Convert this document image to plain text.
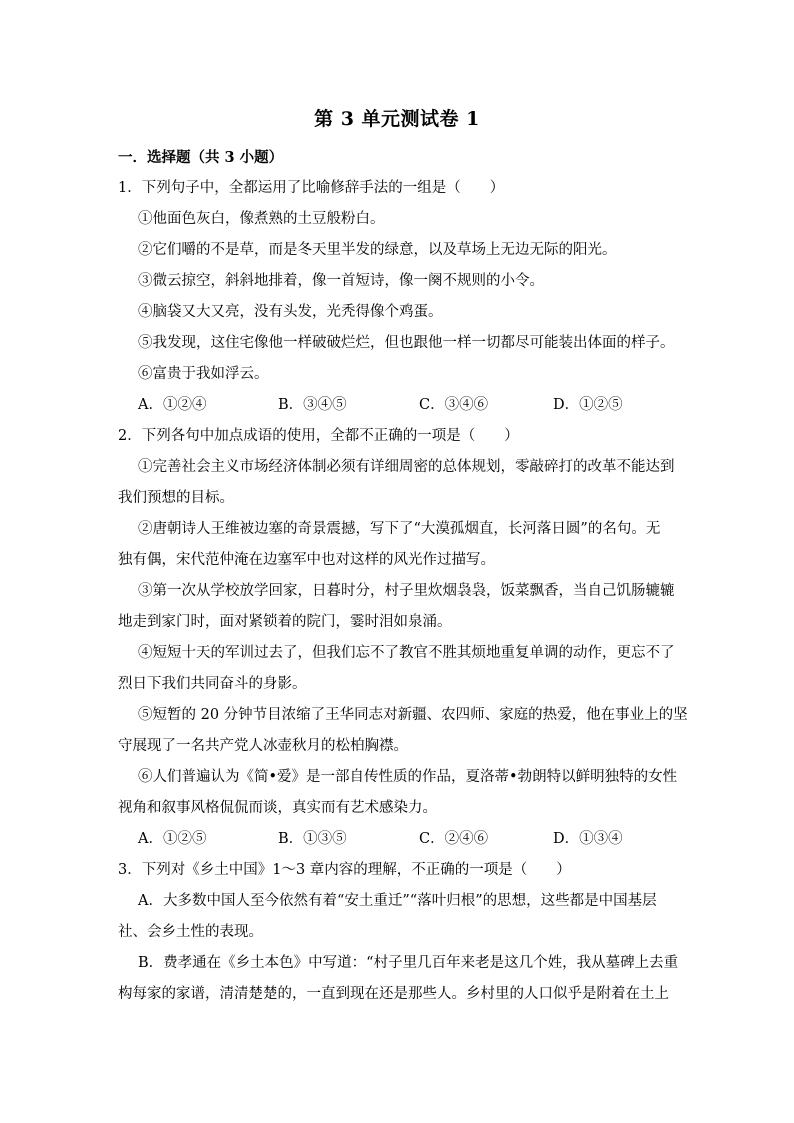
第 3 单元测试卷 1
一．选择题（共 3 小题）
1．下列句子中，全都运用了比喻修辞手法的一组是（　　）
①他面色灰白，像煮熟的土豆般粉白。
②它们嚼的不是草，而是冬天里半发的绿意，以及草场上无边无际的阳光。
③微云掠空，斜斜地排着，像一首短诗，像一阕不规则的小令。
④脑袋又大又亮，没有头发，光秃得像个鸡蛋。
⑤我发现，这住宅像他一样破破烂烂，但也跟他一样一切都尽可能装出体面的样子。
⑥富贵于我如浮云。
A．①②④	B．③④⑤	C．③④⑥	D．①②⑤
2．下列各句中加点成语的使用，全都不正确的一项是（　　）
①完善社会主义市场经济体制必须有详细周密的总体规划，零敲碎打的改革不能达到
我们预想的目标。
②唐朝诗人王维被边塞的奇景震撼，写下了“大漠孤烟直，长河落日圆”的名句。无
独有偶，宋代范仲淹在边塞军中也对这样的风光作过描写。
③第一次从学校放学回家，日暮时分，村子里炊烟袅袅，饭菜飘香，当自己饥肠辘辘
地走到家门时，面对紧锁着的院门，霎时泪如泉涌。
④短短十天的军训过去了，但我们忘不了教官不胜其烦地重复单调的动作，更忘不了
烈日下我们共同奋斗的身影。
⑤短暂的 20 分钟节目浓缩了王华同志对新疆、农四师、家庭的热爱，他在事业上的坚
守展现了一名共产党人冰壶秋月的松柏胸襟。
⑥人们普遍认为《简•爱》是一部自传性质的作品，夏洛蒂•勃朗特以鲜明独特的女性
视角和叙事风格侃侃而谈，真实而有艺术感染力。
A．①②⑤	B．①③⑤	C．②④⑥	D．①③④
3．下列对《乡土中国》1～3 章内容的理解，不正确的一项是（　　）
A．大多数中国人至今依然有着“安土重迁”“落叶归根”的思想，这些都是中国基层
社、会乡土性的表现。
B．费孝通在《乡土本色》中写道：“村子里几百年来老是这几个姓，我从墓碑上去重
构每家的家谱，清清楚楚的，一直到现在还是那些人。乡村里的人口似乎是附着在土上
